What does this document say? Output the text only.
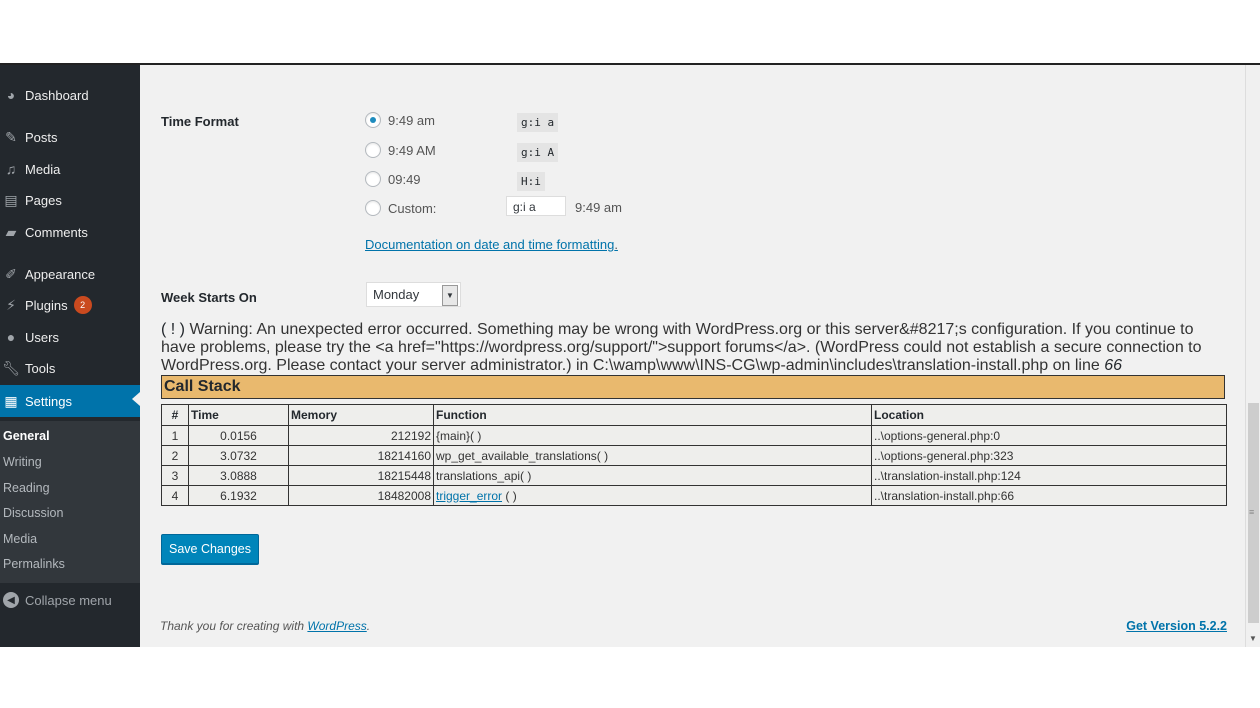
◕ Dashboard
✎ Posts
♫ Media
▤ Pages
▰ Comments
✐ Appearance
⚡ Plugins	2
● Users
🔧︎ Tools
▦ Settings
General
Writing
Reading
Discussion
Media
Permalinks
◀ Collapse menu
Time Format	9:49 am	g:i a
9:49 AM	g:i A
09:49	H:i
Custom:	g:i a	9:49 am
Documentation on date and time formatting.
Week Starts On	Monday	▼
( ! ) Warning: An unexpected error occurred. Something may be wrong with WordPress.org or this server&#8217;s configuration. If you continue to have problems, please try the <a href="https://wordpress.org/support/">support forums</a>. (WordPress could not establish a secure connection to WordPress.org. Please contact your server administrator.) in C:\wamp\www\INS-CG\wp-admin\includes\translation-install.php on line 66
Call Stack
#	Time	Memory	Function	Location
1	0.0156	212192	{main}( )	..\options-general.php:0
2	3.0732	18214160	wp_get_available_translations( )	..\options-general.php:323
3	3.0888	18215448	translations_api( )	..\translation-install.php:124
4	6.1932	18482008	trigger_error ( )	..\translation-install.php:66
Save Changes
Thank you for creating with WordPress.	Get Version 5.2.2
≡
▼
